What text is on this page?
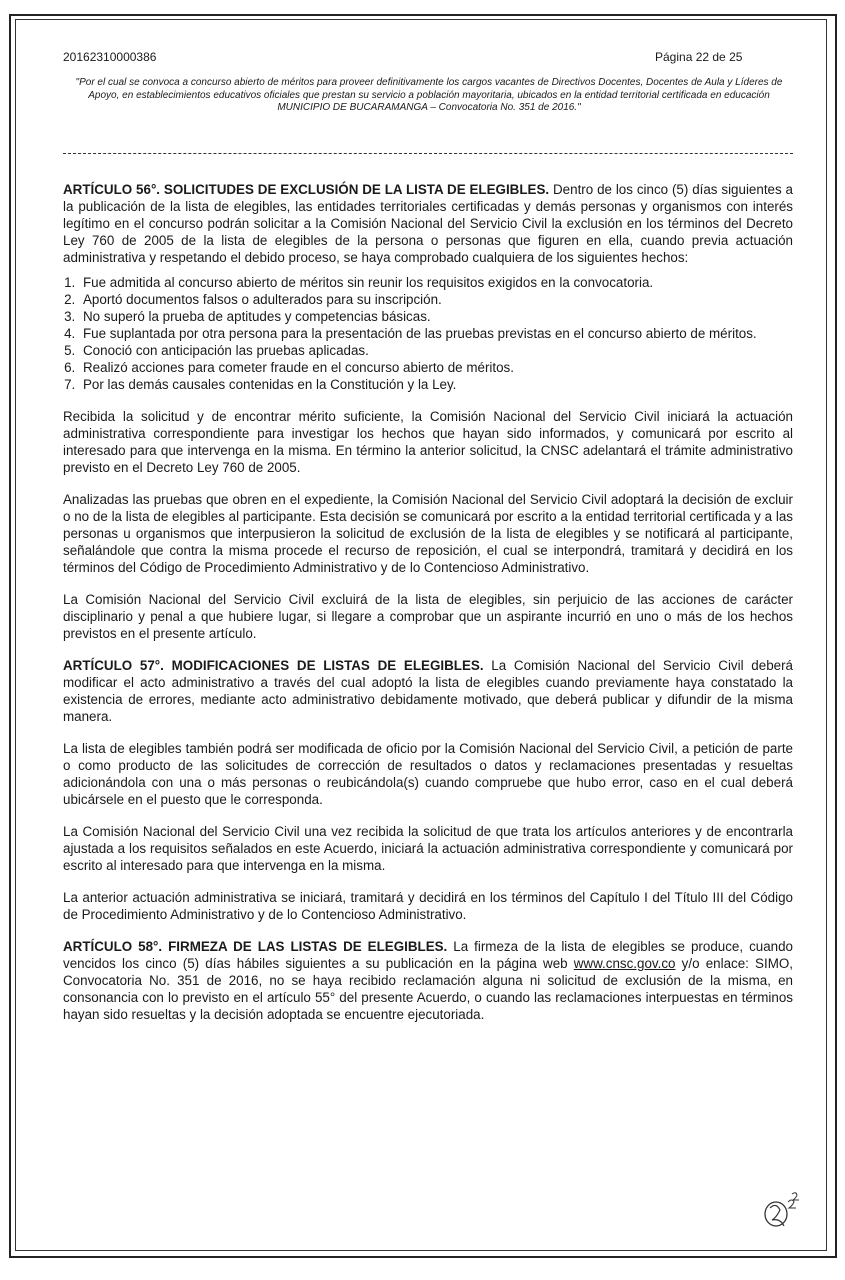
20162310000386	Página 22 de 25
"Por el cual se convoca a concurso abierto de méritos para proveer definitivamente los cargos vacantes de Directivos Docentes, Docentes de Aula y Líderes de Apoyo, en establecimientos educativos oficiales que prestan su servicio a población mayoritaria, ubicados en la entidad territorial certificada en educación MUNICIPIO DE BUCARAMANGA – Convocatoria No. 351 de 2016."

ARTÍCULO 56°. SOLICITUDES DE EXCLUSIÓN DE LA LISTA DE ELEGIBLES. Dentro de los cinco (5) días siguientes a la publicación de la lista de elegibles, las entidades territoriales certificadas y demás personas y organismos con interés legítimo en el concurso podrán solicitar a la Comisión Nacional del Servicio Civil la exclusión en los términos del Decreto Ley 760 de 2005 de la lista de elegibles de la persona o personas que figuren en ella, cuando previa actuación administrativa y respetando el debido proceso, se haya comprobado cualquiera de los siguientes hechos:

1. Fue admitida al concurso abierto de méritos sin reunir los requisitos exigidos en la convocatoria.
2. Aportó documentos falsos o adulterados para su inscripción.
3. No superó la prueba de aptitudes y competencias básicas.
4. Fue suplantada por otra persona para la presentación de las pruebas previstas en el concurso abierto de méritos.
5. Conoció con anticipación las pruebas aplicadas.
6. Realizó acciones para cometer fraude en el concurso abierto de méritos.
7. Por las demás causales contenidas en la Constitución y la Ley.

Recibida la solicitud y de encontrar mérito suficiente, la Comisión Nacional del Servicio Civil iniciará la actuación administrativa correspondiente para investigar los hechos que hayan sido informados, y comunicará por escrito al interesado para que intervenga en la misma. En término la anterior solicitud, la CNSC adelantará el trámite administrativo previsto en el Decreto Ley 760 de 2005.

Analizadas las pruebas que obren en el expediente, la Comisión Nacional del Servicio Civil adoptará la decisión de excluir o no de la lista de elegibles al participante. Esta decisión se comunicará por escrito a la entidad territorial certificada y a las personas u organismos que interpusieron la solicitud de exclusión de la lista de elegibles y se notificará al participante, señalándole que contra la misma procede el recurso de reposición, el cual se interpondrá, tramitará y decidirá en los términos del Código de Procedimiento Administrativo y de lo Contencioso Administrativo.

La Comisión Nacional del Servicio Civil excluirá de la lista de elegibles, sin perjuicio de las acciones de carácter disciplinario y penal a que hubiere lugar, si llegare a comprobar que un aspirante incurrió en uno o más de los hechos previstos en el presente artículo.

ARTÍCULO 57°. MODIFICACIONES DE LISTAS DE ELEGIBLES. La Comisión Nacional del Servicio Civil deberá modificar el acto administrativo a través del cual adoptó la lista de elegibles cuando previamente haya constatado la existencia de errores, mediante acto administrativo debidamente motivado, que deberá publicar y difundir de la misma manera.

La lista de elegibles también podrá ser modificada de oficio por la Comisión Nacional del Servicio Civil, a petición de parte o como producto de las solicitudes de corrección de resultados o datos y reclamaciones presentadas y resueltas adicionándola con una o más personas o reubicándola(s) cuando compruebe que hubo error, caso en el cual deberá ubicársele en el puesto que le corresponda.

La Comisión Nacional del Servicio Civil una vez recibida la solicitud de que trata los artículos anteriores y de encontrarla ajustada a los requisitos señalados en este Acuerdo, iniciará la actuación administrativa correspondiente y comunicará por escrito al interesado para que intervenga en la misma.

La anterior actuación administrativa se iniciará, tramitará y decidirá en los términos del Capítulo I del Título III del Código de Procedimiento Administrativo y de lo Contencioso Administrativo.

ARTÍCULO 58°. FIRMEZA DE LAS LISTAS DE ELEGIBLES. La firmeza de la lista de elegibles se produce, cuando vencidos los cinco (5) días hábiles siguientes a su publicación en la página web www.cnsc.gov.co y/o enlace: SIMO, Convocatoria No. 351 de 2016, no se haya recibido reclamación alguna ni solicitud de exclusión de la misma, en consonancia con lo previsto en el artículo 55° del presente Acuerdo, o cuando las reclamaciones interpuestas en términos hayan sido resueltas y la decisión adoptada se encuentre ejecutoriada.
